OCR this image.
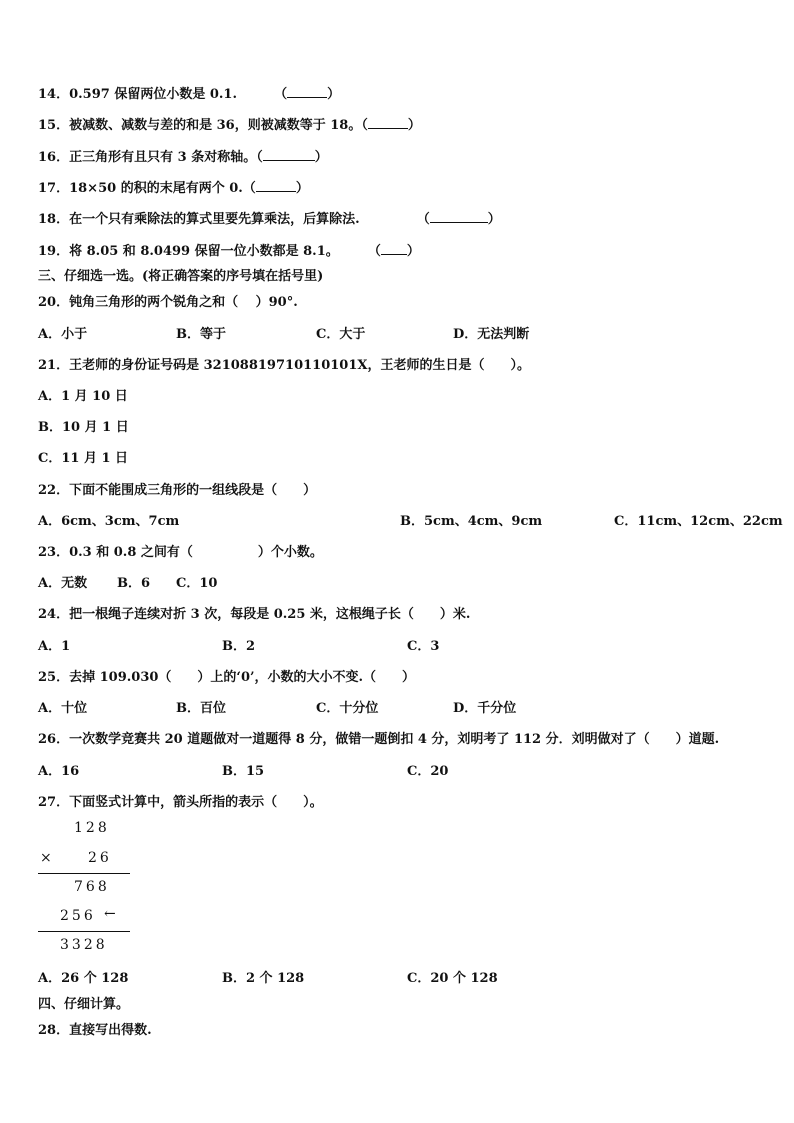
14．0.597 保留两位小数是 0.1.	（	）
15．被减数、减数与差的和是 36，则被减数等于 18。（	）
16．正三角形有且只有 3 条对称轴。（	）
17．18×50 的积的末尾有两个 0.（	）
18．在一个只有乘除法的算式里要先算乘法，后算除法.	（	）
19．将 8.05 和 8.0499 保留一位小数都是 8.1。 （ ）
三、仔细选一选。(将正确答案的序号填在括号里)
20．钝角三角形的两个锐角之和（　 ）90°.
A．小于	B．等于	C．大于	D．无法判断
21．王老师的身份证号码是 32108819710110101X，王老师的生日是（　　）。
A．1 月 10 日
B．10 月 1 日
C．11 月 1 日
22．下面不能围成三角形的一组线段是（　　）
A．6cm、3cm、7cm	B．5cm、4cm、9cm	C．11cm、12cm、22cm
23．0.3 和 0.8 之间有（　　　　　）个小数。
A．无数 B．6 C．10
24．把一根绳子连续对折 3 次，每段是 0.25 米，这根绳子长（　　）米.
A．1	B．2	C．3
25．去掉 109.030（　　）上的‘0’，小数的大小不变.（　　）
A．十位	B．百位	C．十分位	D．千分位
26．一次数学竞赛共 20 道题做对一道题得 8 分，做错一题倒扣 4 分，刘明考了 112 分．刘明做对了（　　）道题.
A．16	B．15	C．20
27．下面竖式计算中，箭头所指的表示（　　）。
128
× 26
768
256 ←
3328
A．26 个 128	B．2 个 128	C．20 个 128
四、仔细计算。
28．直接写出得数.
